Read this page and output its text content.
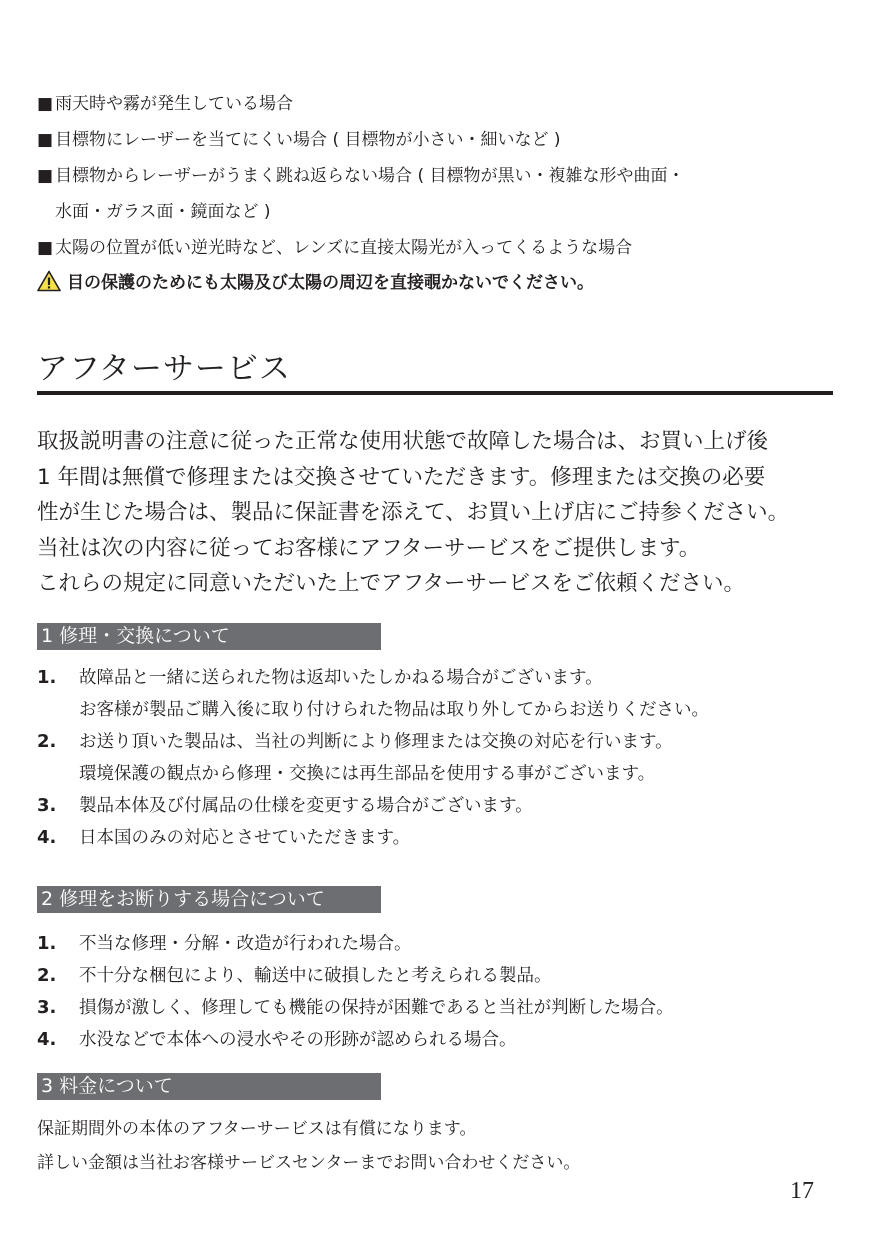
■ 雨天時や霧が発生している場合
■ 目標物にレーザーを当てにくい場合 ( 目標物が小さい・細いなど )
■ 目標物からレーザーがうまく跳ね返らない場合 ( 目標物が黒い・複雑な形や曲面・
水面・ガラス面・鏡面など )
■ 太陽の位置が低い逆光時など、レンズに直接太陽光が入ってくるような場合
目の保護のためにも太陽及び太陽の周辺を直接覗かないでください。
アフターサービス

取扱説明書の注意に従った正常な使用状態で故障した場合は、お買い上げ後

1 年間は無償で修理または交換させていただきます。修理または交換の必要

性が生じた場合は、製品に保証書を添えて、お買い上げ店にご持参ください。

当社は次の内容に従ってお客様にアフターサービスをご提供します。

これらの規定に同意いただいた上でアフターサービスをご依頼ください。

1 修理・交換について
1. 故障品と一緒に送られた物は返却いたしかねる場合がございます。
お客様が製品ご購入後に取り付けられた物品は取り外してからお送りください。
2. お送り頂いた製品は、当社の判断により修理または交換の対応を行います。
環境保護の観点から修理・交換には再生部品を使用する事がございます。
3. 製品本体及び付属品の仕様を変更する場合がございます。
4. 日本国のみの対応とさせていただきます。
2 修理をお断りする場合について
1. 不当な修理・分解・改造が行われた場合。
2. 不十分な梱包により、輸送中に破損したと考えられる製品。
3. 損傷が激しく、修理しても機能の保持が困難であると当社が判断した場合。
4. 水没などで本体への浸水やその形跡が認められる場合。
3 料金について

保証期間外の本体のアフターサービスは有償になります。

詳しい金額は当社お客様サービスセンターまでお問い合わせください。

17
